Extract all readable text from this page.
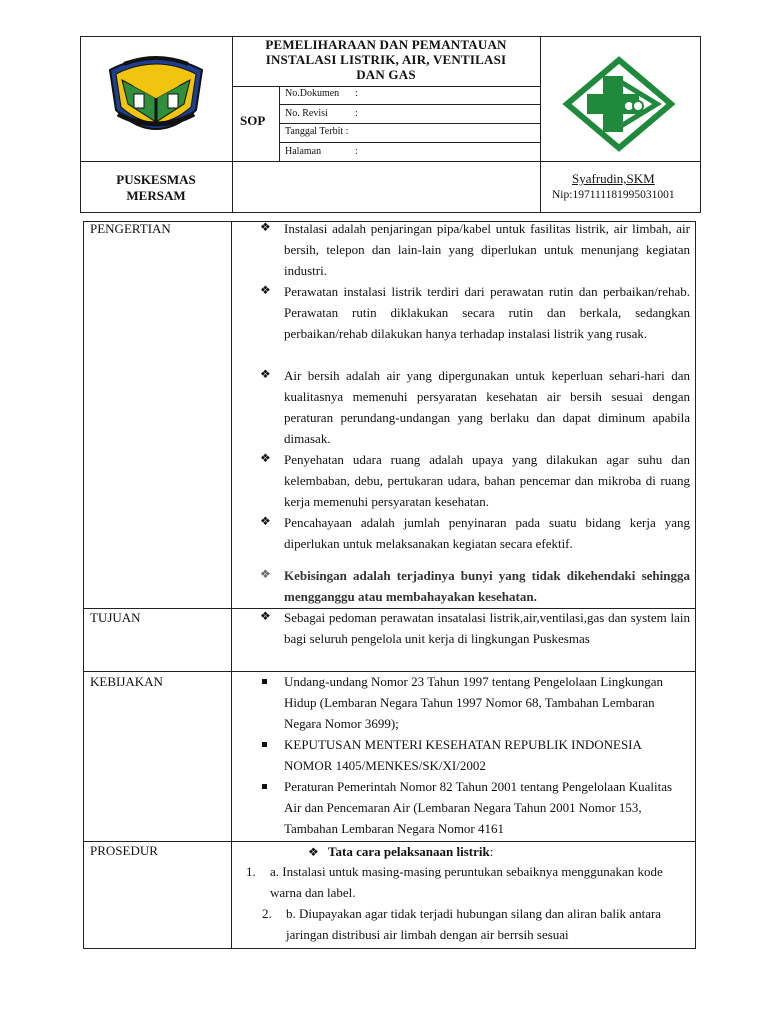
PEMELIHARAAN DAN PEMANTAUAN
INSTALASI LISTRIK, AIR, VENTILASI
DAN GAS
SOP
No.Dokumen :
No. Revisi	:
Tanggal Terbit :
Halaman	:
PUSKESMAS
MERSAM
Syafrudin,SKM
Nip:197111181995031001
PENGERTIAN	❖ Instalasi adalah penjaringan pipa/kabel untuk fasilitas listrik, air limbah, air bersih, telepon dan lain-lain yang diperlukan untuk menunjang kegiatan industri.
❖ Perawatan instalasi listrik terdiri dari perawatan rutin dan perbaikan/rehab. Perawatan rutin diklakukan secara rutin dan berkala, sedangkan perbaikan/rehab dilakukan hanya terhadap instalasi listrik yang rusak.
❖ Air bersih adalah air yang dipergunakan untuk keperluan sehari-hari dan kualitasnya memenuhi persyaratan kesehatan air bersih sesuai dengan peraturan perundang-undangan yang berlaku dan dapat diminum apabila dimasak.
❖ Penyehatan udara ruang adalah upaya yang dilakukan agar suhu dan kelembaban, debu, pertukaran udara, bahan pencemar dan mikroba di ruang kerja memenuhi persyaratan kesehatan.
❖ Pencahayaan adalah jumlah penyinaran pada suatu bidang kerja yang diperlukan untuk melaksanakan kegiatan secara efektif.
❖ Kebisingan adalah terjadinya bunyi yang tidak dikehendaki sehingga mengganggu atau membahayakan kesehatan.
TUJUAN	❖ Sebagai pedoman perawatan insatalasi listrik,air,ventilasi,gas dan system lain bagi seluruh pengelola unit kerja di lingkungan Puskesmas
KEBIJAKAN	Undang-undang Nomor 23 Tahun 1997 tentang Pengelolaan Lingkungan Hidup (Lembaran Negara Tahun 1997 Nomor 68, Tambahan Lembaran Negara Nomor 3699);
KEPUTUSAN MENTERI KESEHATAN REPUBLIK INDONESIA NOMOR 1405/MENKES/SK/XI/2002
Peraturan Pemerintah Nomor 82 Tahun 2001 tentang Pengelolaan Kualitas Air dan Pencemaran Air (Lembaran Negara Tahun 2001 Nomor 153, Tambahan Lembaran Negara Nomor 4161
PROSEDUR	❖ Tata cara pelaksanaan listrik:
1.	a. Instalasi untuk masing-masing peruntukan sebaiknya menggunakan kode warna dan label.
2.	b. Diupayakan agar tidak terjadi hubungan silang dan aliran balik antara jaringan distribusi air limbah dengan air berrsih sesuai
